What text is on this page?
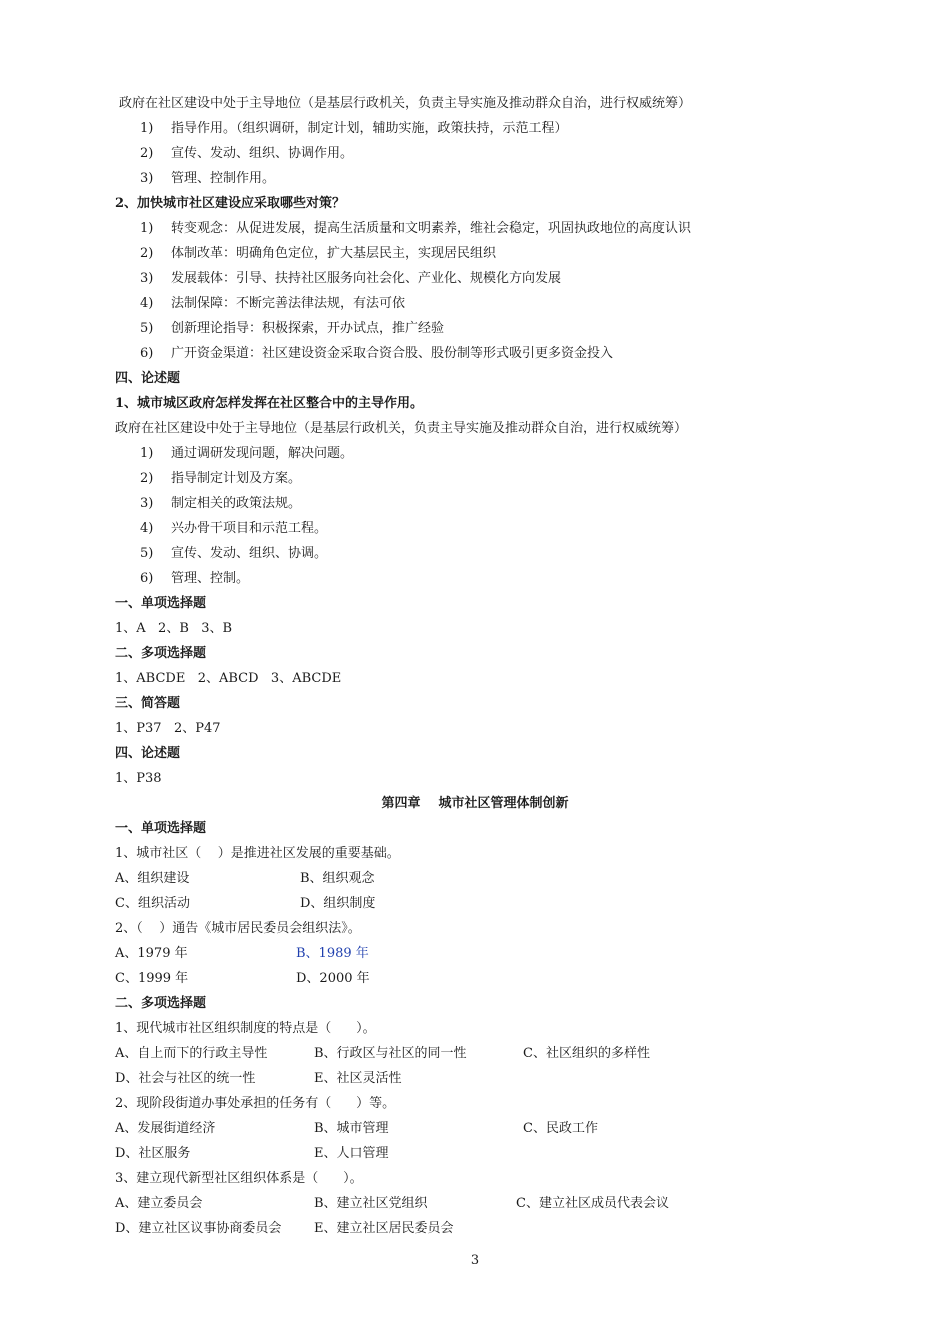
政府在社区建设中处于主导地位（是基层行政机关，负责主导实施及推动群众自治，进行权威统筹）
1) 指导作用。（组织调研，制定计划，辅助实施，政策扶持，示范工程）
2) 宣传、发动、组织、协调作用。
3) 管理、控制作用。
2、加快城市社区建设应采取哪些对策？
1) 转变观念：从促进发展，提高生活质量和文明素养，维社会稳定，巩固执政地位的高度认识
2) 体制改革：明确角色定位，扩大基层民主，实现居民组织
3) 发展载体：引导、扶持社区服务向社会化、产业化、规模化方向发展
4) 法制保障：不断完善法律法规，有法可依
5) 创新理论指导：积极探索，开办试点，推广经验
6) 广开资金渠道：社区建设资金采取合资合股、股份制等形式吸引更多资金投入
四、论述题
1、城市城区政府怎样发挥在社区整合中的主导作用。
政府在社区建设中处于主导地位（是基层行政机关，负责主导实施及推动群众自治，进行权威统筹）
1) 通过调研发现问题，解决问题。
2) 指导制定计划及方案。
3) 制定相关的政策法规。
4) 兴办骨干项目和示范工程。
5) 宣传、发动、组织、协调。
6) 管理、控制。
一、单项选择题
1、A   2、B   3、B
二、多项选择题
1、ABCDE   2、ABCD   3、ABCDE
三、简答题
1、P37   2、P47
四、论述题
1、P38
第四章    城市社区管理体制创新
一、单项选择题
1、城市社区（    ）是推进社区发展的重要基础。
A、组织建设	B、组织观念
C、组织活动	D、组织制度
2、（    ）通告《城市居民委员会组织法》。
A、1979 年	B、1989 年
C、1999 年	D、2000 年
二、多项选择题
1、现代城市社区组织制度的特点是（      ）。
A、自上而下的行政主导性	B、行政区与社区的同一性	C、社区组织的多样性
D、社会与社区的统一性	E、社区灵活性
2、现阶段街道办事处承担的任务有（      ）等。
A、发展街道经济	B、城市管理	C、民政工作
D、社区服务	E、人口管理
3、建立现代新型社区组织体系是（      ）。
A、建立委员会	B、建立社区党组织	C、建立社区成员代表会议
D、建立社区议事协商委员会	E、建立社区居民委员会
3
